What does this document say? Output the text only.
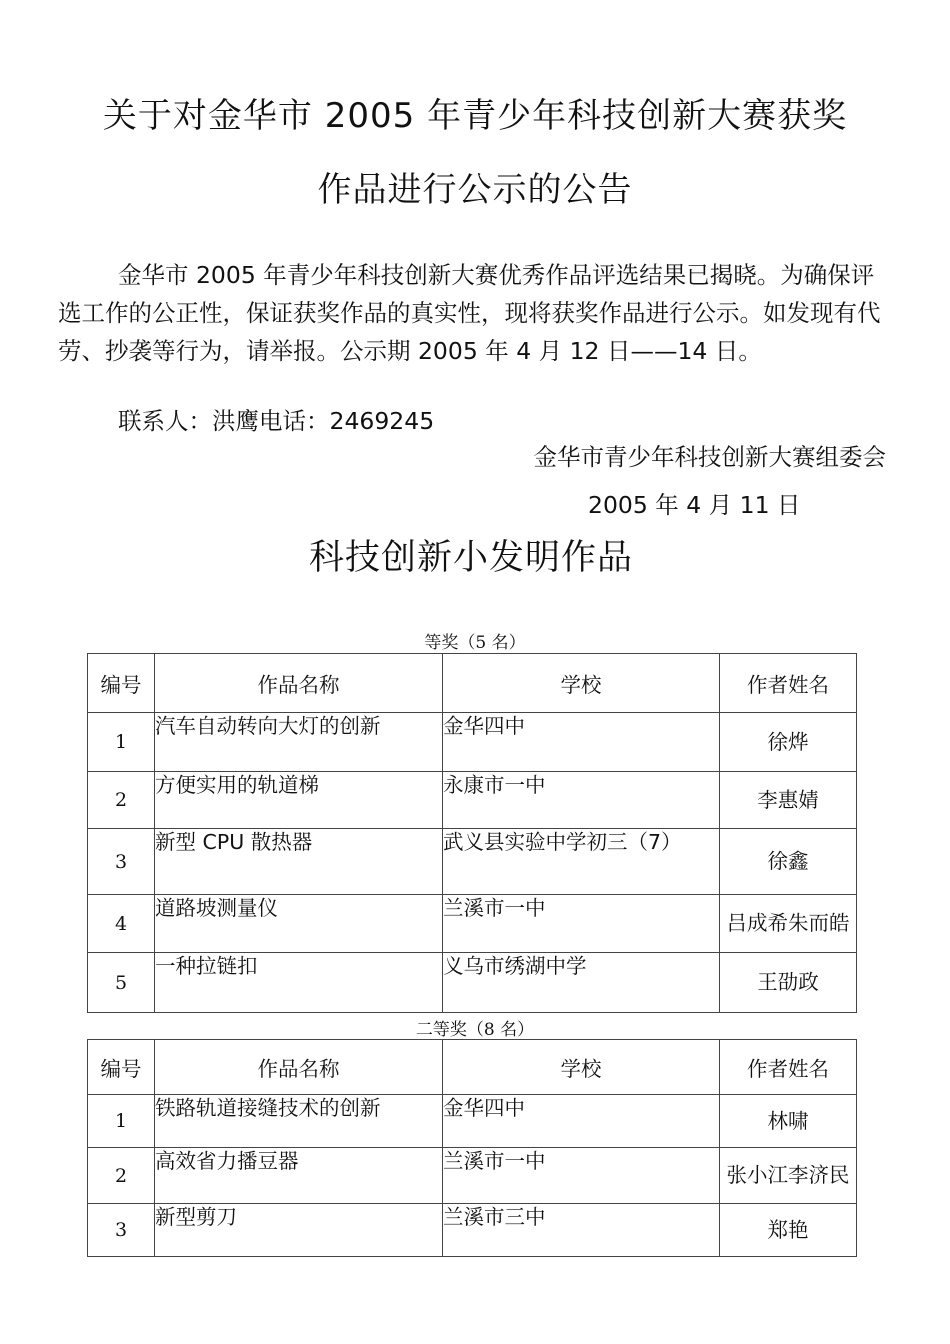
关于对金华市 2005 年青少年科技创新大赛获奖
作品进行公示的公告

金华市 2005 年青少年科技创新大赛优秀作品评选结果已揭晓。为确保评选工作的公正性，保证获奖作品的真实性，现将获奖作品进行公示。如发现有代劳、抄袭等行为，请举报。公示期 2005 年 4 月 12 日——14 日。

联系人：洪鹰电话：2469245
金华市青少年科技创新大赛组委会
2005 年 4 月 11 日
科技创新小发明作品
等奖（5 名）
编号	作品名称	学校	作者姓名
1	汽车自动转向大灯的创新	金华四中	徐烨
2	方便实用的轨道梯	永康市一中	李惠婧
3	新型 CPU 散热器	武义县实验中学初三（7）	徐鑫
4	道路坡测量仪	兰溪市一中	吕成希朱而皓
5	一种拉链扣	义乌市绣湖中学	王劭政
二等奖（8 名）
编号	作品名称	学校	作者姓名
1	铁路轨道接缝技术的创新	金华四中	林啸
2	高效省力播豆器	兰溪市一中	张小江李济民
3	新型剪刀	兰溪市三中	郑艳
